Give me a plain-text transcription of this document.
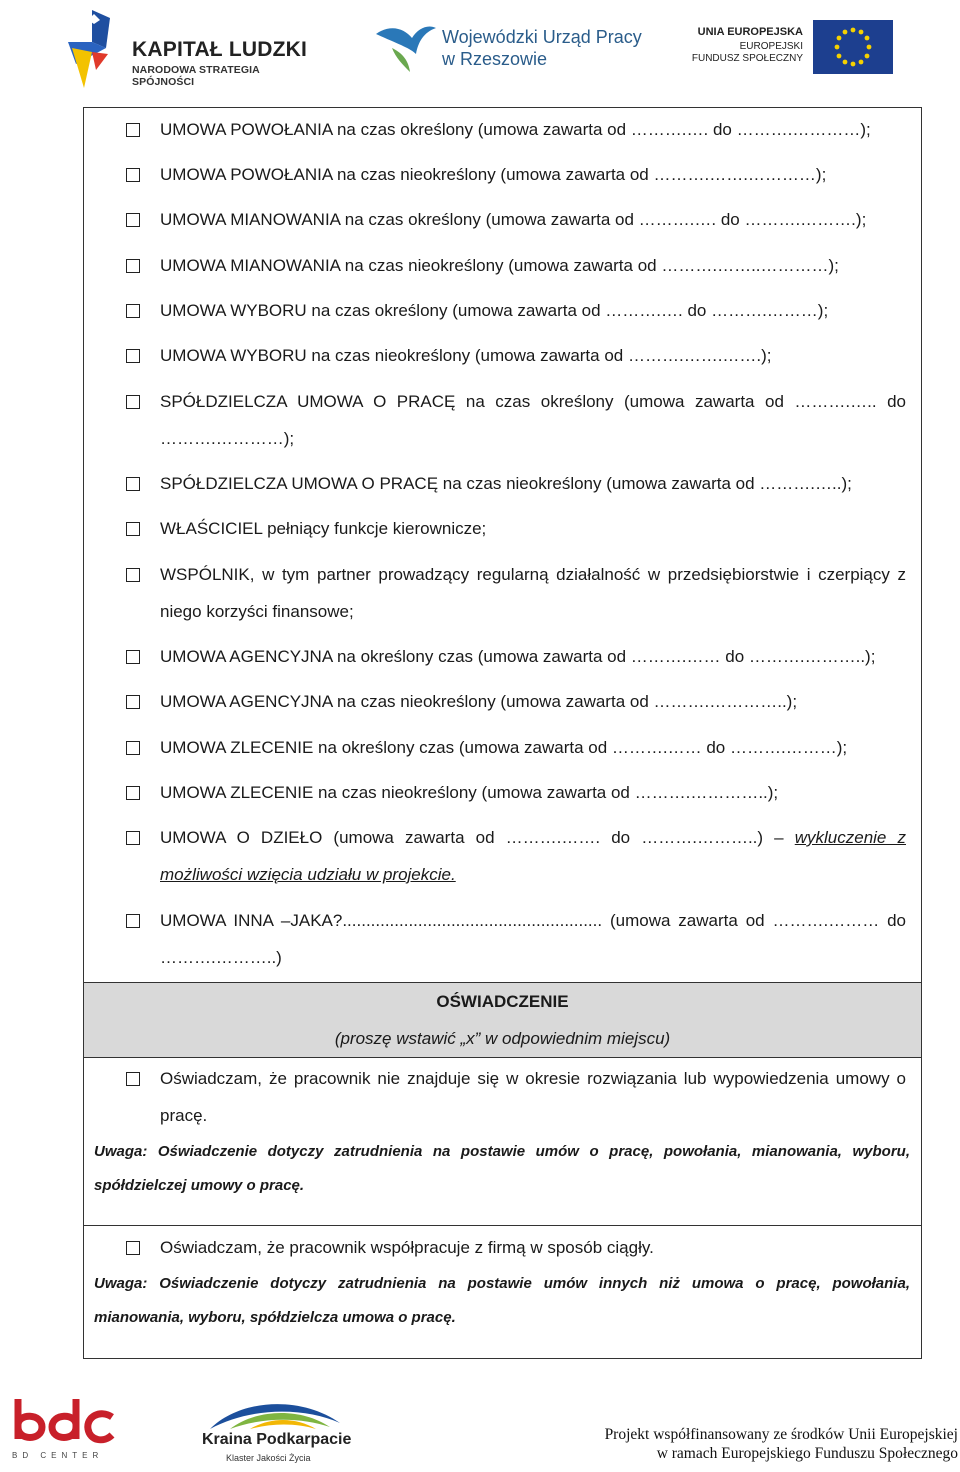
KAPITAŁ LUDZKI
NARODOWA STRATEGIA SPÓJNOŚCI
Wojewódzki Urząd Pracy
w Rzeszowie
UNIA EUROPEJSKA
EUROPEJSKI
FUNDUSZ SPOŁECZNY
UMOWA POWOŁANIA na czas określony (umowa zawarta od ……….…. do ……….…………);
UMOWA POWOŁANIA na czas nieokreślony (umowa zawarta od ……….…….…………);
UMOWA MIANOWANIA na czas określony (umowa zawarta od ……….…. do ……….……….);
UMOWA MIANOWANIA na czas nieokreślony (umowa zawarta od ……….……..…………);
UMOWA WYBORU na czas określony (umowa zawarta od ……….…. do ……….………);
UMOWA WYBORU na czas nieokreślony (umowa zawarta od ……….…….…….);
SPÓŁDZIELCZA UMOWA O PRACĘ na czas określony (umowa zawarta od ……….….. do ……….…………);
SPÓŁDZIELCZA UMOWA O PRACĘ na czas nieokreślony (umowa zawarta od ……….…..);
WŁAŚCICIEL pełniący funkcje kierownicze;
WSPÓLNIK, w tym partner prowadzący regularną działalność w przedsiębiorstwie i czerpiący z niego korzyści finansowe;
UMOWA AGENCYJNA na określony czas (umowa zawarta od ……….…… do ……….………..);
UMOWA AGENCYJNA na czas nieokreślony (umowa zawarta od ……….…………..);
UMOWA ZLECENIE na określony czas (umowa zawarta od ……….…… do ……….………);
UMOWA ZLECENIE na czas nieokreślony (umowa zawarta od ……….…………..);
UMOWA O DZIEŁO (umowa zawarta od ……….……. do ……….………..) – wykluczenie z możliwości wzięcia udziału w projekcie.
UMOWA INNA –JAKA?....................................................... (umowa zawarta od ……….……… do ……….………..)
OŚWIADCZENIE
(proszę wstawić „x” w odpowiednim miejscu)
Oświadczam, że pracownik nie znajduje się w okresie rozwiązania lub wypowiedzenia umowy o pracę.
Uwaga: Oświadczenie dotyczy zatrudnienia na postawie umów o pracę, powołania, mianowania, wyboru, spółdzielczej umowy o pracę.
Oświadczam, że pracownik współpracuje z firmą w sposób ciągły.
Uwaga: Oświadczenie dotyczy zatrudnienia na postawie umów innych niż umowa o pracę, powołania, mianowania, wyboru, spółdzielcza umowa o pracę.
BD CENTER
Kraina Podkarpacie
Klaster Jakości Życia
Projekt współfinansowany ze środków Unii Europejskiej
w ramach Europejskiego Funduszu Społecznego
